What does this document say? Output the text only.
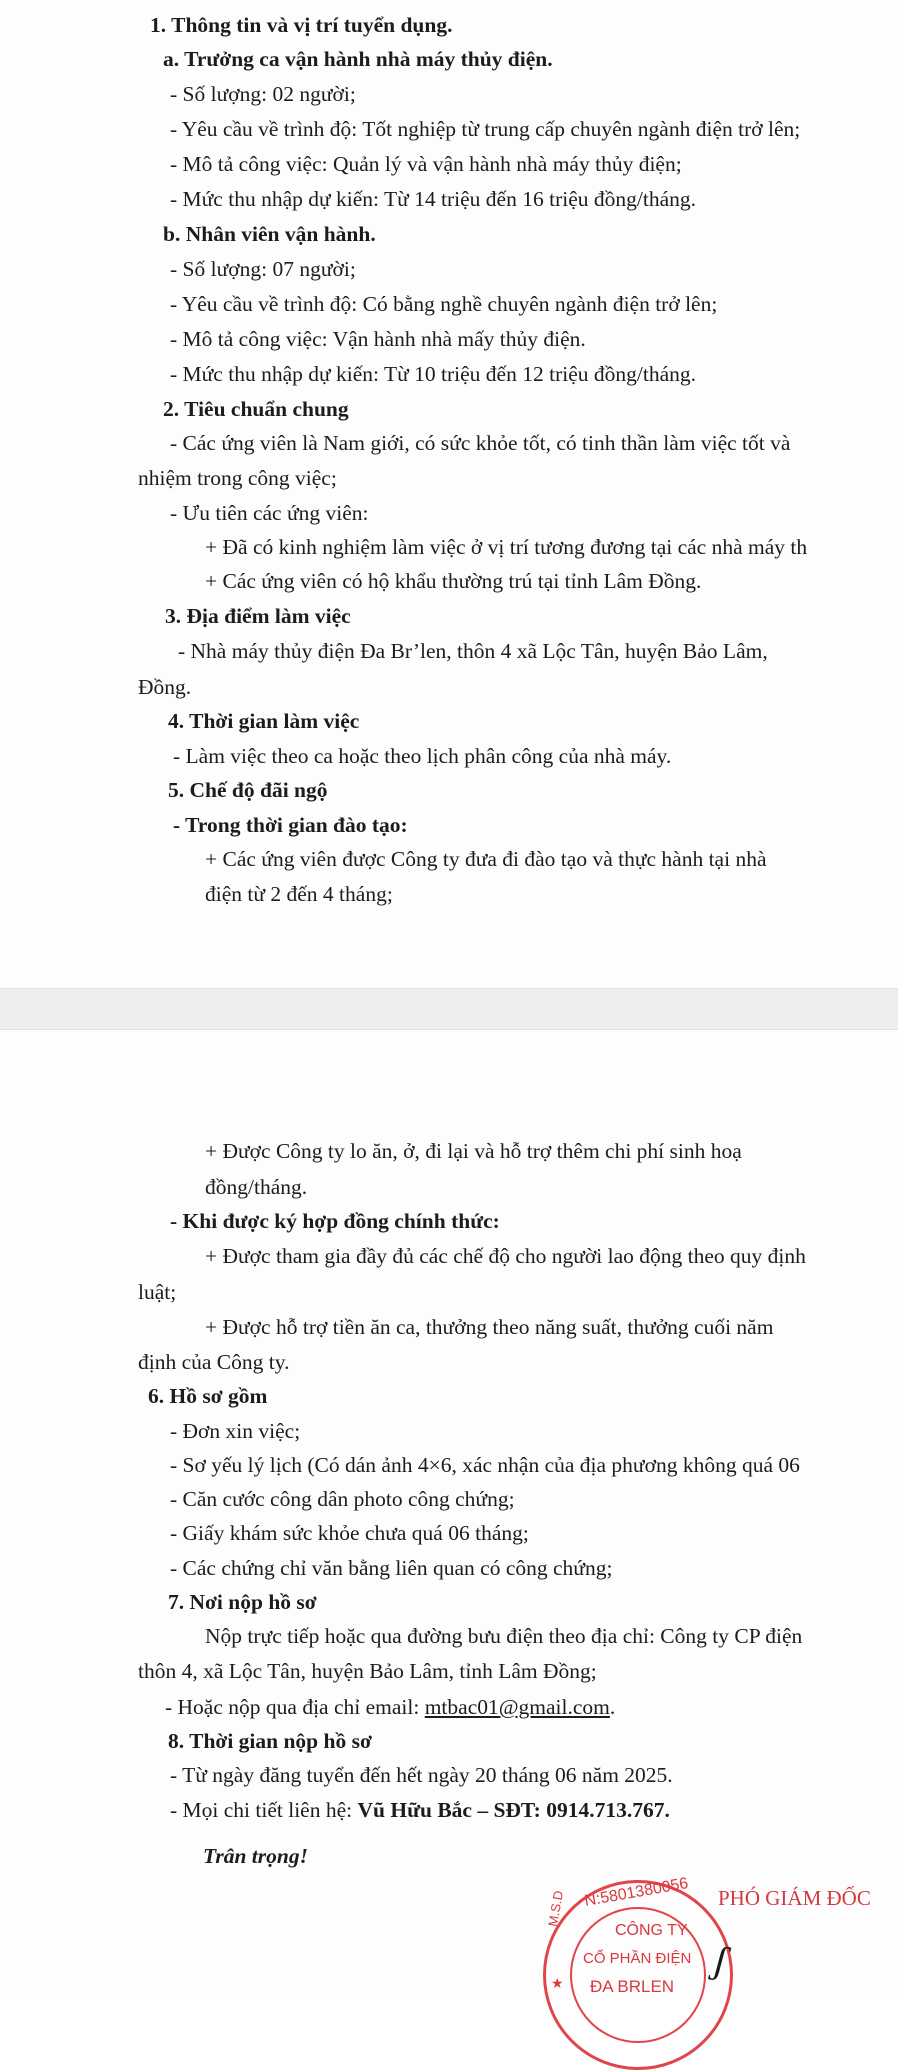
1. Thông tin và vị trí tuyển dụng.
a. Trưởng ca vận hành nhà máy thủy điện.
- Số lượng: 02 người;
- Yêu cầu về trình độ: Tốt nghiệp từ trung cấp chuyên ngành điện trở lên;
- Mô tả công việc: Quản lý và vận hành nhà máy thủy điện;
- Mức thu nhập dự kiến: Từ 14 triệu đến 16 triệu đồng/tháng.
b. Nhân viên vận hành.
- Số lượng: 07 người;
- Yêu cầu về trình độ: Có bằng nghề chuyên ngành điện trở lên;
- Mô tả công việc: Vận hành nhà mấy thủy điện.
- Mức thu nhập dự kiến: Từ 10 triệu đến 12 triệu đồng/tháng.
2. Tiêu chuẩn chung
- Các ứng viên là Nam giới, có sức khỏe tốt, có tinh thần làm việc tốt và
nhiệm trong công việc;
- Ưu tiên các ứng viên:
+ Đã có kinh nghiệm làm việc ở vị trí tương đương tại các nhà máy th
+ Các ứng viên có hộ khẩu thường trú tại tỉnh Lâm Đồng.
3. Địa điểm làm việc
- Nhà máy thủy điện Đa Br’len, thôn 4 xã Lộc Tân, huyện Bảo Lâm,
Đồng.
4. Thời gian làm việc
- Làm việc theo ca hoặc theo lịch phân công của nhà máy.
5. Chế độ đãi ngộ
- Trong thời gian đào tạo:
+ Các ứng viên được Công ty đưa đi đào tạo và thực hành tại nhà
điện từ 2 đến 4 tháng;
+ Được Công ty lo ăn, ở, đi lại và hỗ trợ thêm chi phí sinh hoạ
đồng/tháng.
- Khi được ký hợp đồng chính thức:
+ Được tham gia đầy đủ các chế độ cho người lao động theo quy định
luật;
+ Được hỗ trợ tiền ăn ca, thưởng theo năng suất, thưởng cuối năm
định của Công ty.
6. Hồ sơ gồm
- Đơn xin việc;
- Sơ yếu lý lịch (Có dán ảnh 4×6, xác nhận của địa phương không quá 06
- Căn cước công dân photo công chứng;
- Giấy khám sức khỏe chưa quá 06 tháng;
- Các chứng chỉ văn bằng liên quan có công chứng;
7. Nơi nộp hồ sơ
Nộp trực tiếp hoặc qua đường bưu điện theo địa chỉ: Công ty CP điện
thôn 4, xã Lộc Tân, huyện Bảo Lâm, tỉnh Lâm Đồng;
- Hoặc nộp qua địa chỉ email: mtbac01@gmail.com.
8. Thời gian nộp hồ sơ
- Từ ngày đăng tuyển đến hết ngày 20 tháng 06 năm 2025.
- Mọi chi tiết liên hệ: Vũ Hữu Bắc – SĐT: 0914.713.767.
Trân trọng!
N:5801380056
M.S.D
CÔNG TY
CỔ PHẦN ĐIỆN
ĐA BRLEN
★
PHÓ GIÁM ĐỐC
ʃ
